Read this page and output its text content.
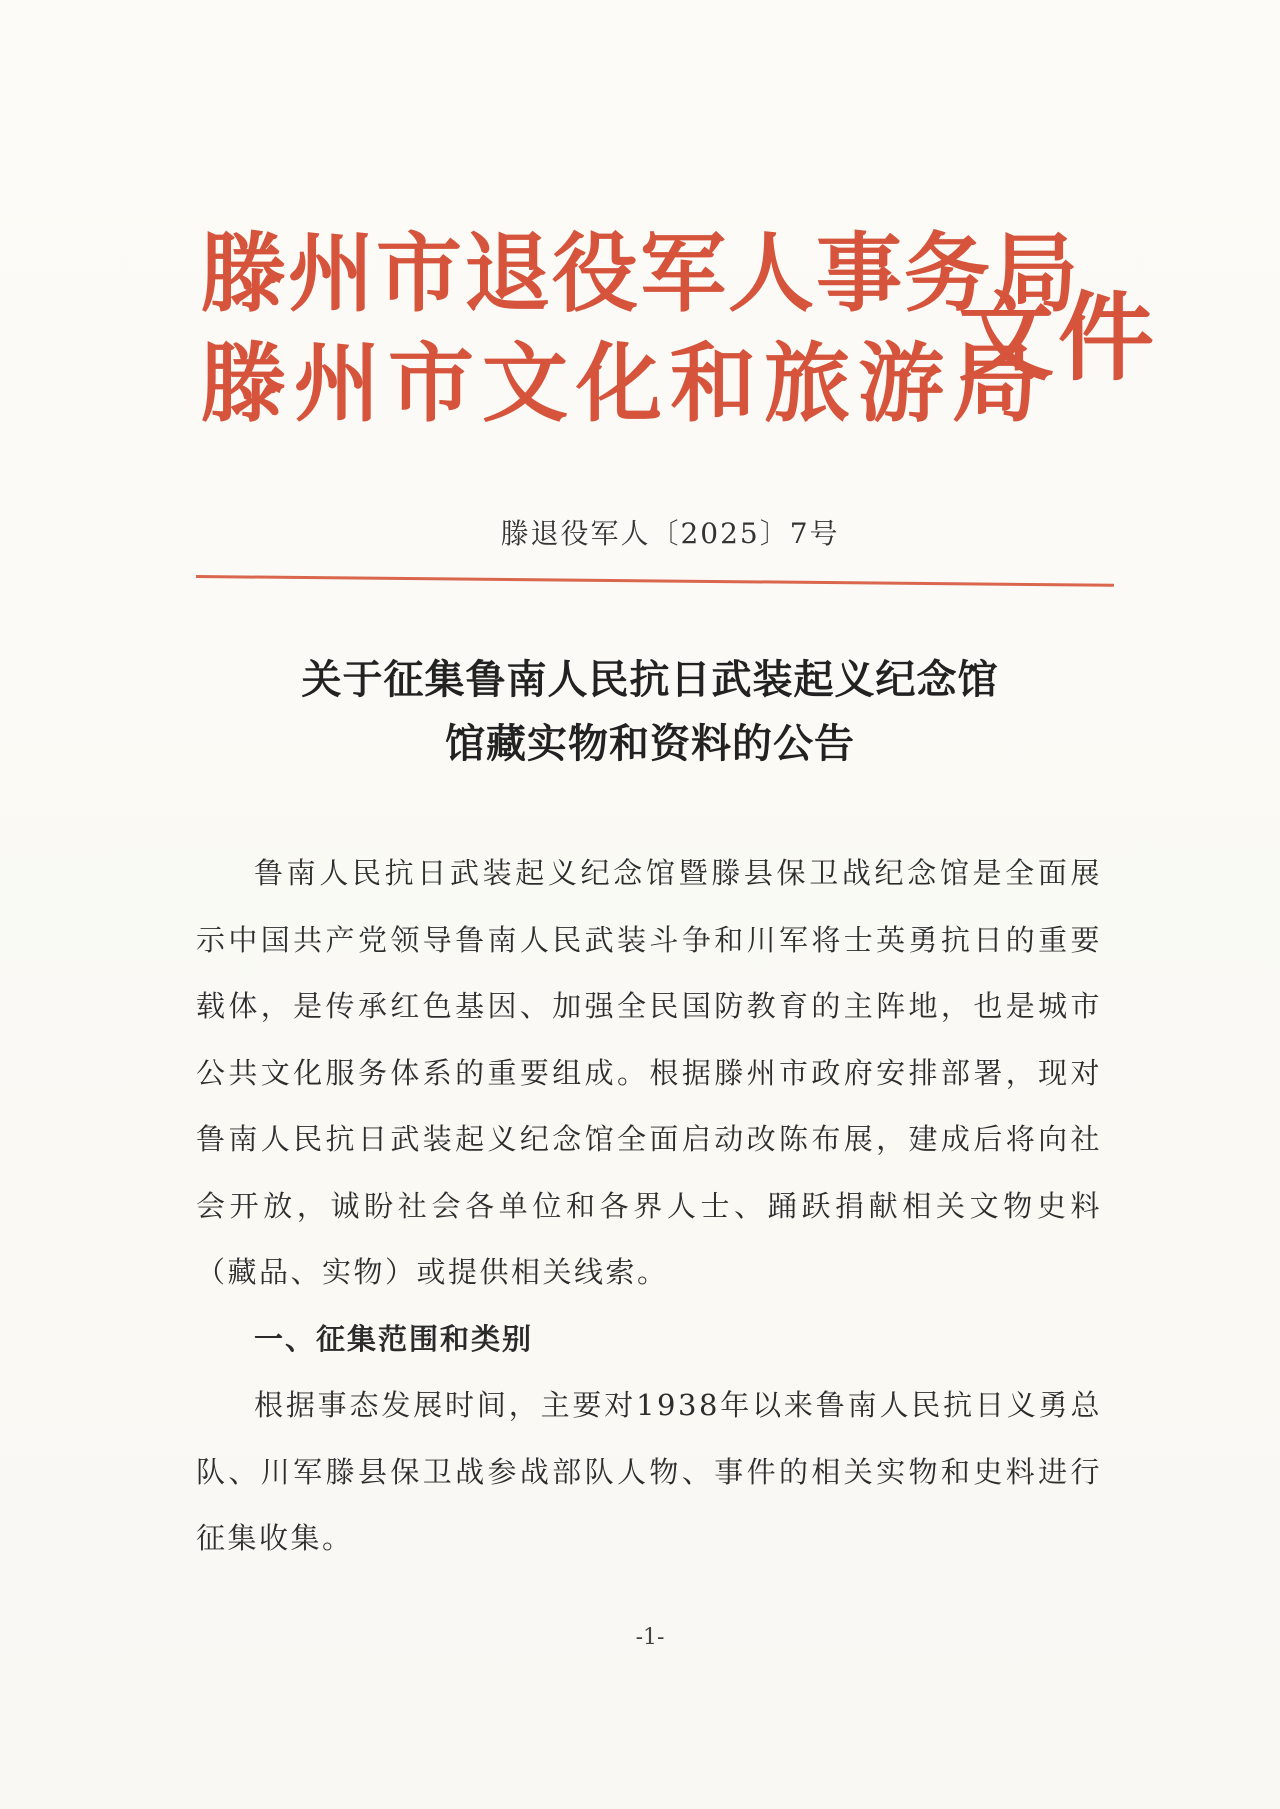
滕州市退役军人事务局
滕州市文化和旅游局
文件
滕退役军人〔2025〕7号
关于征集鲁南人民抗日武装起义纪念馆
馆藏实物和资料的公告

鲁南人民抗日武装起义纪念馆暨滕县保卫战纪念馆是全面展示中国共产党领导鲁南人民武装斗争和川军将士英勇抗日的重要载体，是传承红色基因、加强全民国防教育的主阵地，也是城市公共文化服务体系的重要组成。根据滕州市政府安排部署，现对鲁南人民抗日武装起义纪念馆全面启动改陈布展，建成后将向社会开放，诚盼社会各单位和各界人士、踊跃捐献相关文物史料（藏品、实物）或提供相关线索。

一、征集范围和类别

根据事态发展时间，主要对1938年以来鲁南人民抗日义勇总队、川军滕县保卫战参战部队人物、事件的相关实物和史料进行征集收集。

-1-
